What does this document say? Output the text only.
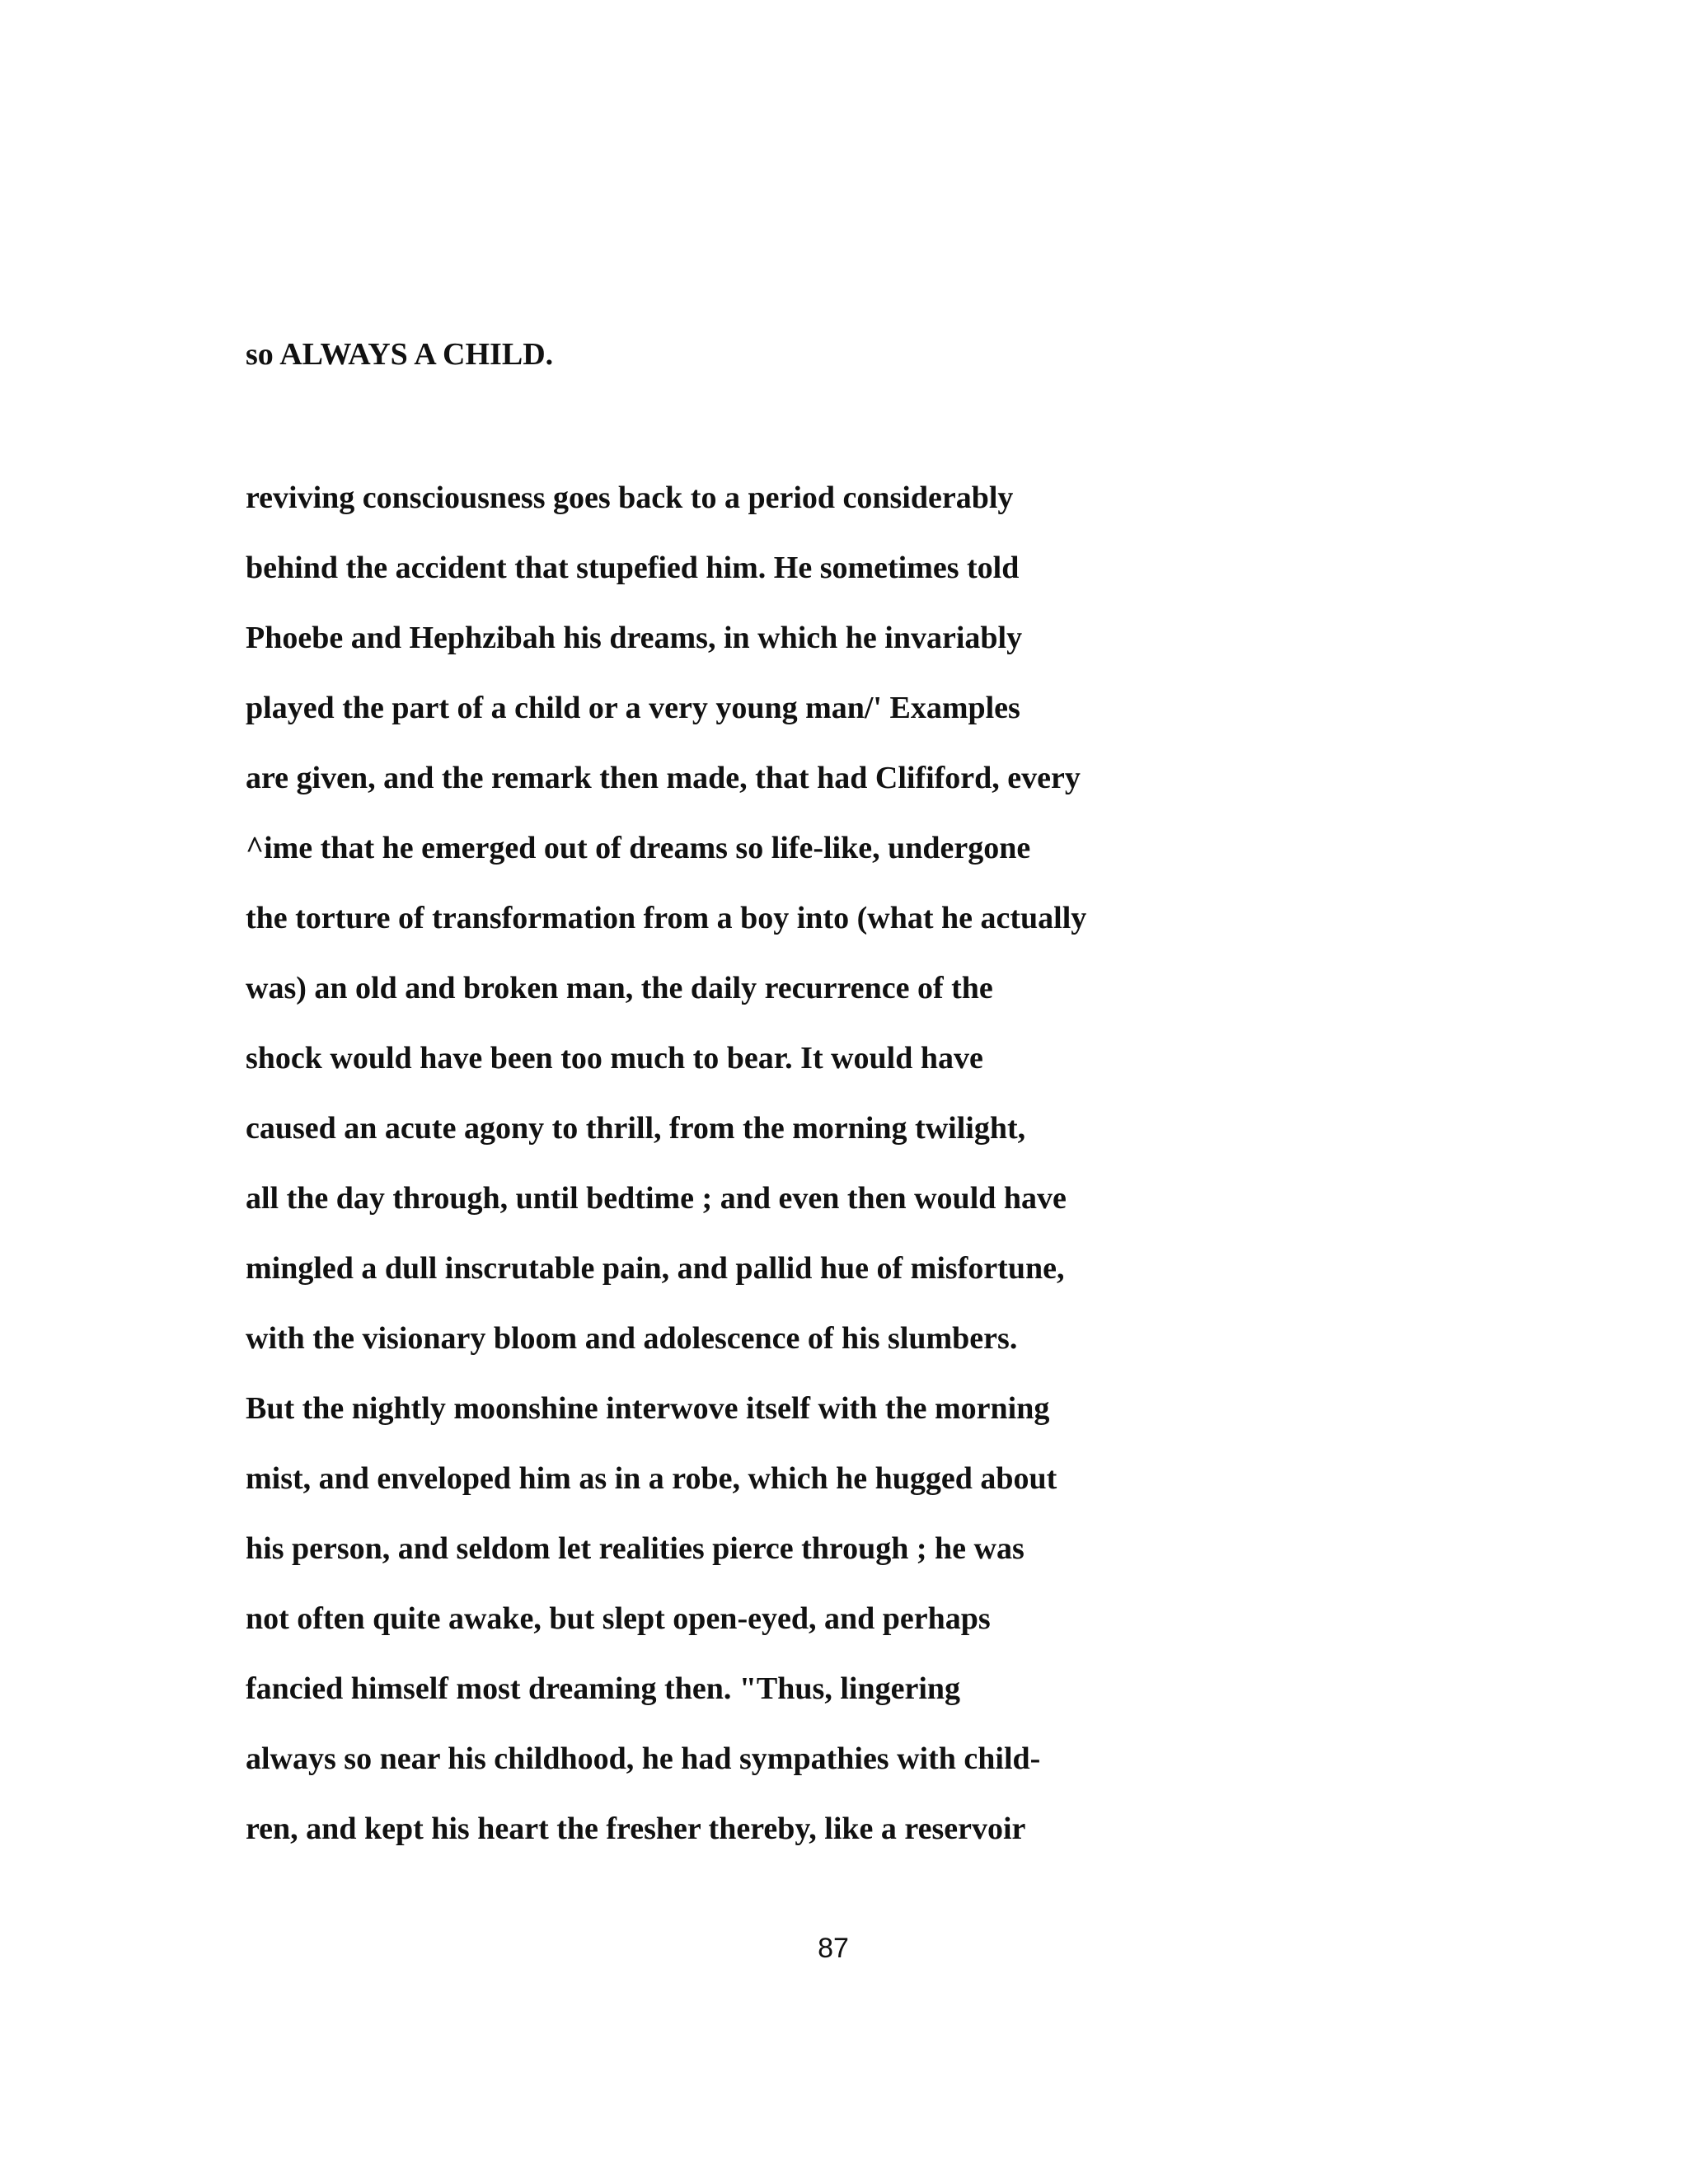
so ALWAYS A CHILD.
reviving consciousness goes back to a period considerably
behind the accident that stupefied him. He sometimes told
Phoebe and Hephzibah his dreams, in which he invariably
played the part of a child or a very young man/' Examples
are given, and the remark then made, that had Clififord, every
^ime that he emerged out of dreams so life-like, undergone
the torture of transformation from a boy into (what he actually
was) an old and broken man, the daily recurrence of the
shock would have been too much to bear. It would have
caused an acute agony to thrill, from the morning twilight,
all the day through, until bedtime ; and even then would have
mingled a dull inscrutable pain, and pallid hue of misfortune,
with the visionary bloom and adolescence of his slumbers.
But the nightly moonshine interwove itself with the morning
mist, and enveloped him as in a robe, which he hugged about
his person, and seldom let realities pierce through ; he was
not often quite awake, but slept open-eyed, and perhaps
fancied himself most dreaming then. "Thus, lingering
always so near his childhood, he had sympathies with child-
ren, and kept his heart the fresher thereby, like a reservoir
87
